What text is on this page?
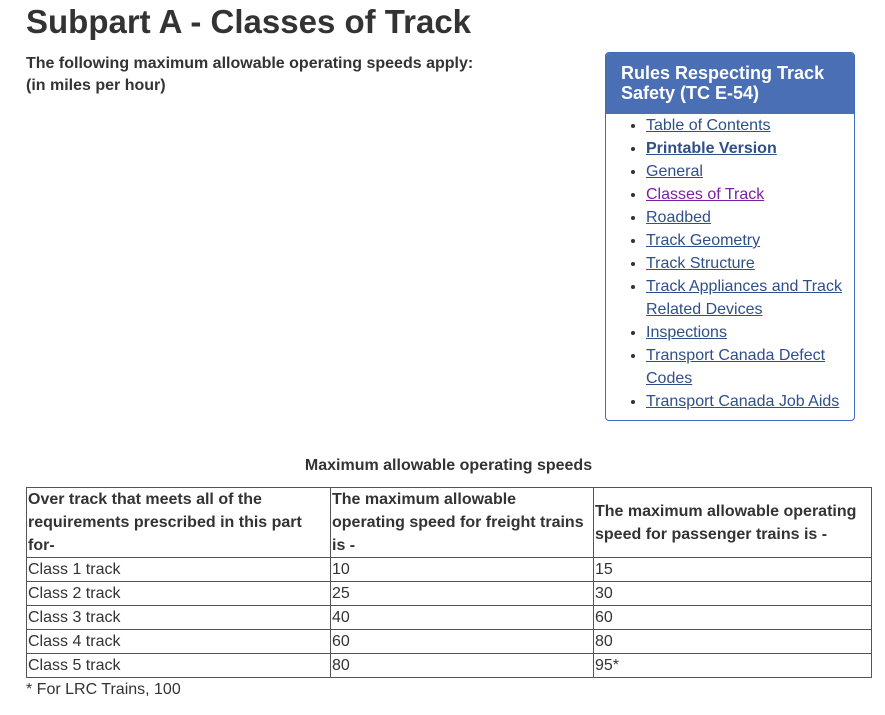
Subpart A - Classes of Track

The following maximum allowable operating speeds apply:
(in miles per hour)

Rules Respecting Track Safety (TC E-54)
• Table of Contents
• Printable Version
• General
• Classes of Track
• Roadbed
• Track Geometry
• Track Structure
• Track Appliances and Track Related Devices
• Inspections
• Transport Canada Defect Codes
• Transport Canada Job Aids
Maximum allowable operating speeds
Over track that meets all of the requirements prescribed in this part for-	The maximum allowable operating speed for freight trains is -	The maximum allowable operating speed for passenger trains is -
Class 1 track	10	15
Class 2 track	25	30
Class 3 track	40	60
Class 4 track	60	80
Class 5 track	80	95*
* For LRC Trains, 100
